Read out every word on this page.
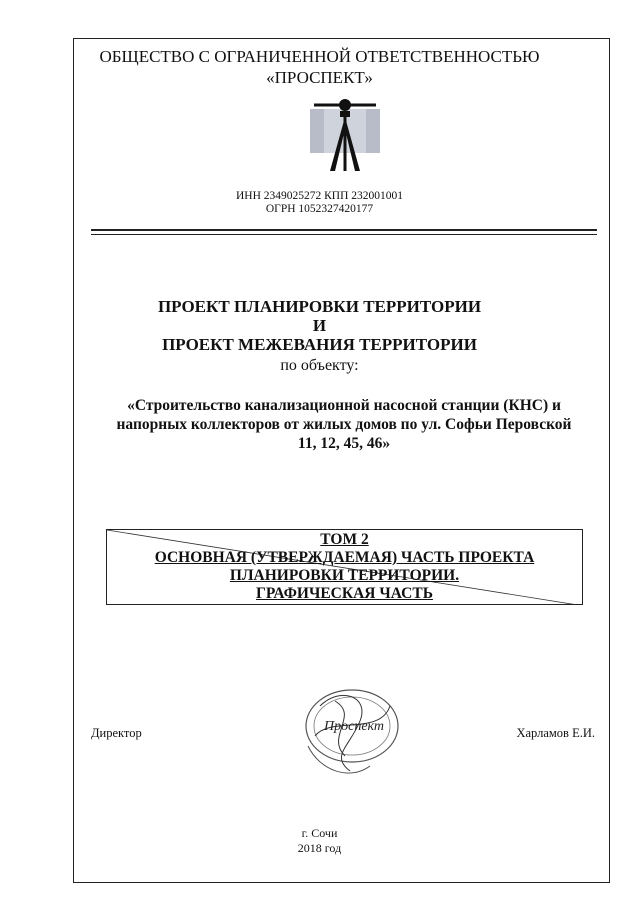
ОБЩЕСТВО С ОГРАНИЧЕННОЙ ОТВЕТСТВЕННОСТЬЮ
«ПРОСПЕКТ»
ИНН 2349025272 КПП 232001001
ОГРН 1052327420177
ПРОЕКТ ПЛАНИРОВКИ ТЕРРИТОРИИ
И
ПРОЕКТ МЕЖЕВАНИЯ ТЕРРИТОРИИ
по объекту:
«Строительство канализационной насосной станции (КНС) и
напорных коллекторов от жилых домов по ул. Софьи Перовской
11, 12, 45, 46»
ТОМ 2
ОСНОВНАЯ (УТВЕРЖДАЕМАЯ) ЧАСТЬ ПРОЕКТА
ПЛАНИРОВКИ ТЕРРИТОРИИ.
ГРАФИЧЕСКАЯ ЧАСТЬ
Директор	Проспект	Харламов Е.И.
г. Сочи
2018 год
